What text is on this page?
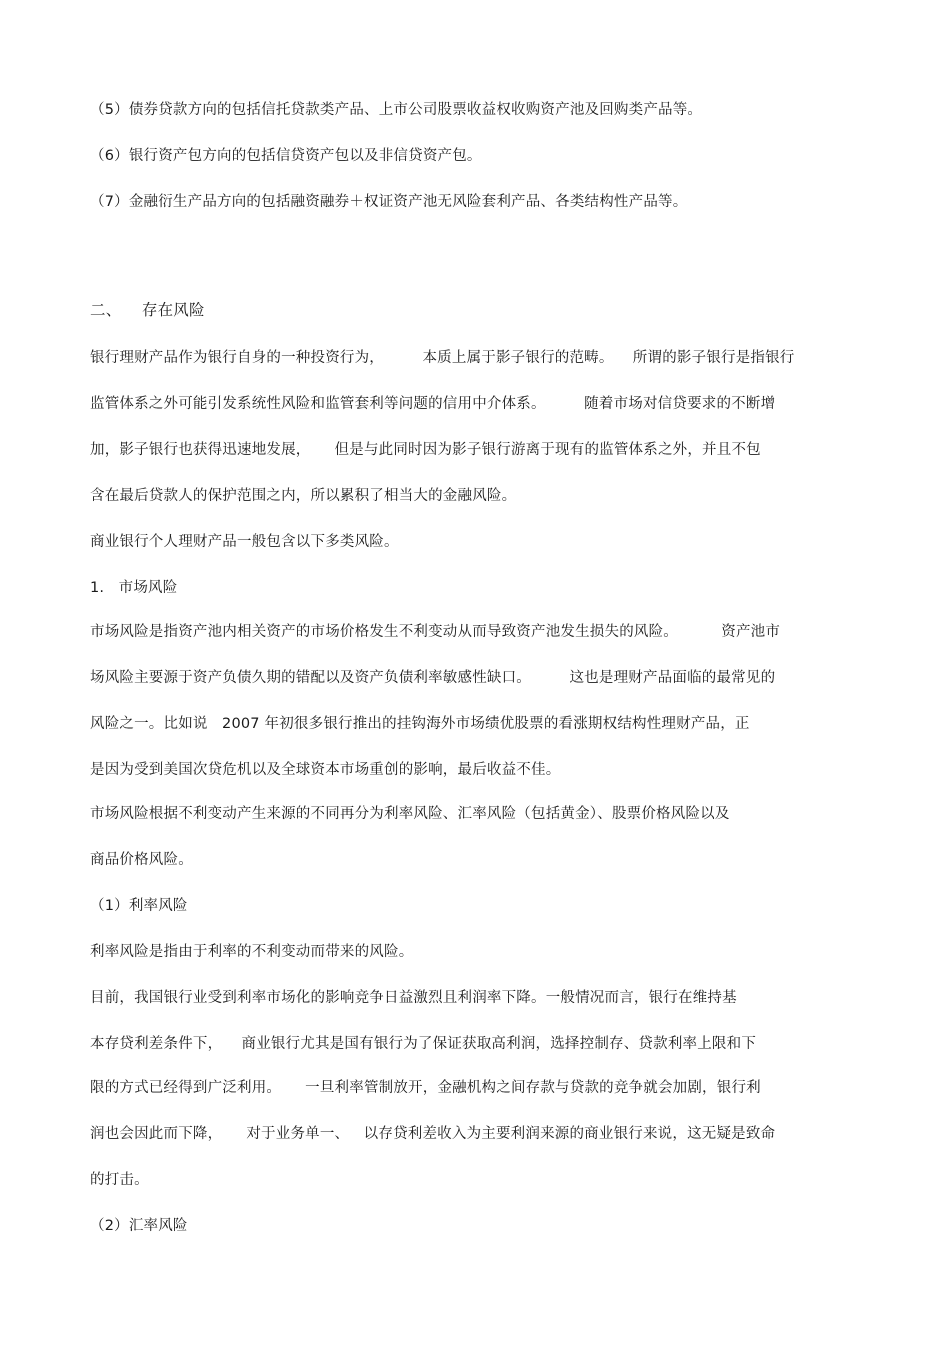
（5）债券贷款方向的包括信托贷款类产品、上市公司股票收益权收购资产池及回购类产品等。
（6）银行资产包方向的包括信贷资产包以及非信贷资产包。
（7）金融衍生产品方向的包括融资融券＋权证资产池无风险套利产品、各类结构性产品等。
二、    存在风险
银行理财产品作为银行自身的一种投资行为，        本质上属于影子银行的范畴。    所谓的影子银行是指银行
监管体系之外可能引发系统性风险和监管套利等问题的信用中介体系。        随着市场对信贷要求的不断增
加，影子银行也获得迅速地发展，     但是与此同时因为影子银行游离于现有的监管体系之外，并且不包
含在最后贷款人的保护范围之内，所以累积了相当大的金融风险。
商业银行个人理财产品一般包含以下多类风险。
1.   市场风险
市场风险是指资产池内相关资产的市场价格发生不利变动从而导致资产池发生损失的风险。         资产池市
场风险主要源于资产负债久期的错配以及资产负债利率敏感性缺口。        这也是理财产品面临的最常见的
风险之一。比如说   2007 年初很多银行推出的挂钩海外市场绩优股票的看涨期权结构性理财产品，正
是因为受到美国次贷危机以及全球资本市场重创的影响，最后收益不佳。
市场风险根据不利变动产生来源的不同再分为利率风险、汇率风险（包括黄金）、股票价格风险以及
商品价格风险。
（1）利率风险
利率风险是指由于利率的不利变动而带来的风险。
目前，我国银行业受到利率市场化的影响竞争日益激烈且利润率下降。一般情况而言，银行在维持基
本存贷利差条件下，    商业银行尤其是国有银行为了保证获取高利润，选择控制存、贷款利率上限和下
限的方式已经得到广泛利用。     一旦利率管制放开，金融机构之间存款与贷款的竞争就会加剧，银行利
润也会因此而下降，     对于业务单一、   以存贷利差收入为主要利润来源的商业银行来说，这无疑是致命
的打击。
（2）汇率风险
